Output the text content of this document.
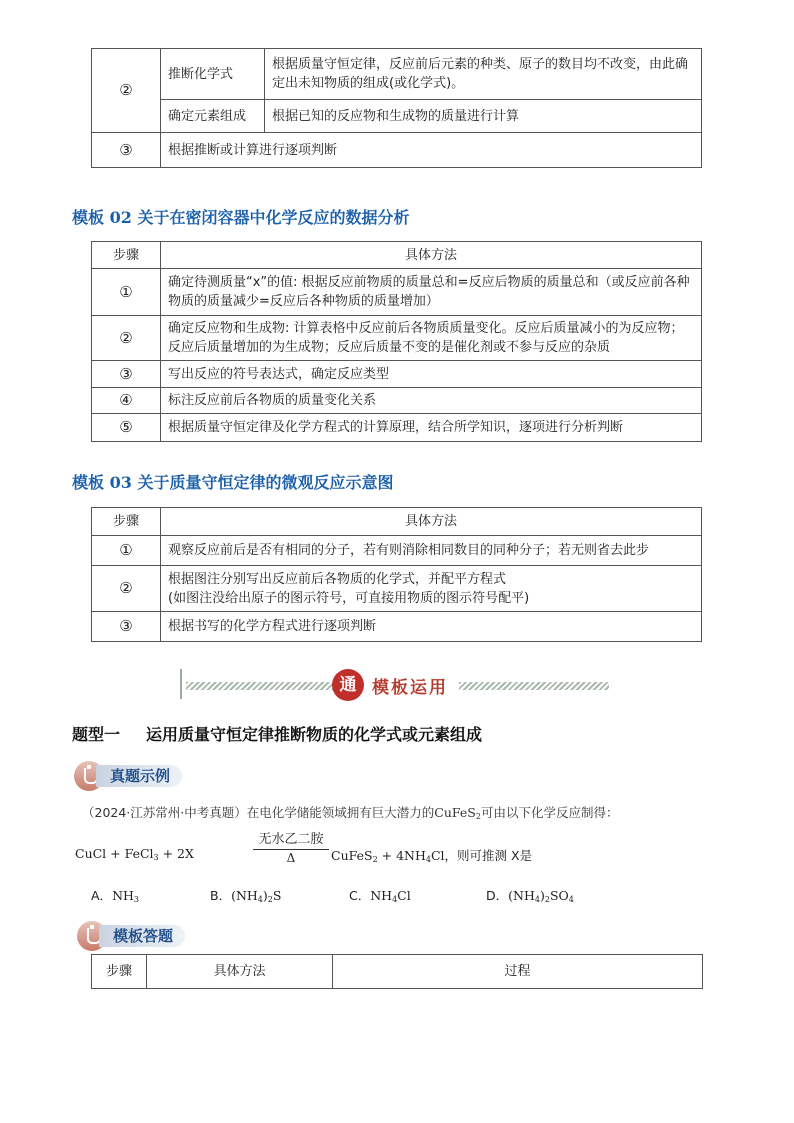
②	推断化学式	根据质量守恒定律，反应前后元素的种类、原子的数目均不改变，由此确定出未知物质的组成(或化学式)。
	确定元素组成	根据已知的反应物和生成物的质量进行计算
③	根据推断或计算进行逐项判断	
模板 02 关于在密闭容器中化学反应的数据分析
步骤	具体方法
①	确定待测质量“x”的值: 根据反应前物质的质量总和=反应后物质的质量总和（或反应前各种物质的质量减少=反应后各种物质的质量增加）
②	确定反应物和生成物: 计算表格中反应前后各物质质量变化。反应后质量减小的为反应物；反应后质量增加的为生成物；反应后质量不变的是催化剂或不参与反应的杂质
③	写出反应的符号表达式，确定反应类型
④	标注反应前后各物质的质量变化关系
⑤	根据质量守恒定律及化学方程式的计算原理，结合所学知识，逐项进行分析判断
模板 03 关于质量守恒定律的微观反应示意图
步骤	具体方法
①	观察反应前后是否有相同的分子，若有则消除相同数目的同种分子；若无则省去此步
②	根据图注分别写出反应前后各物质的化学式，并配平方程式
(如图注没给出原子的图示符号，可直接用物质的图示符号配平)
③	根据书写的化学方程式进行逐项判断
通 模板运用
题型一 运用质量守恒定律推断物质的化学式或元素组成
真题示例
（2024·江苏常州·中考真题）在电化学储能领域拥有巨大潜力的CuFeS$_2$可由以下化学反应制得：
CuCl + FeCl$_3$ + 2X
无水乙二胺
Δ	CuFeS$_2$ + $4NH_4Cl$，则可推测 X是
A．$NH_3$	B．$(NH_4)_2S$	C．$NH_4Cl$	D．$(NH_4)_2SO_4$
模板答题
步骤	具体方法	过程
